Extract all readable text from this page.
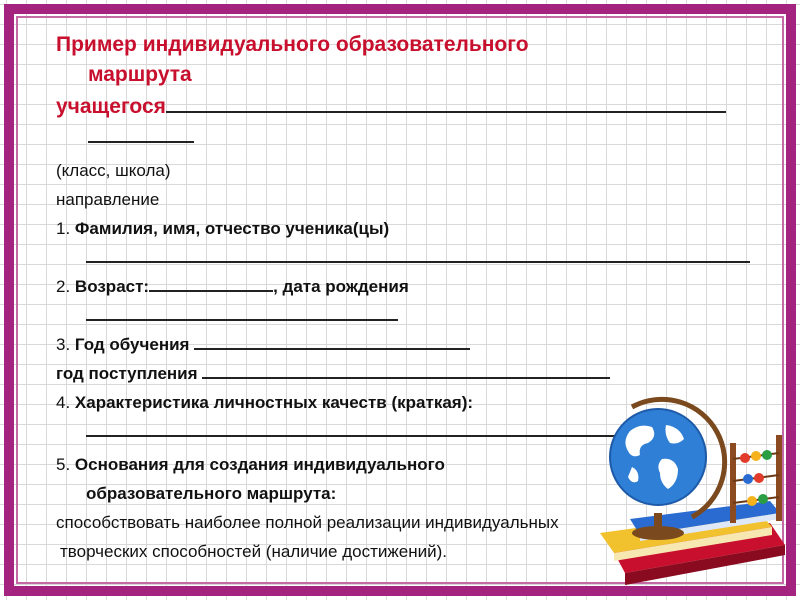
Пример индивидуального образовательного
маршрута
учащегося
(класс, школа)
направление
1. Фамилия, имя, отчество ученика(цы)
2. Возраст:	, дата рождения
3. Год обучения
год поступления
4. Характеристика личностных качеств (краткая):
5. Основания для создания индивидуального
образовательного маршрута:
способствовать наиболее полной реализации индивидуальных
творческих способностей (наличие достижений).
